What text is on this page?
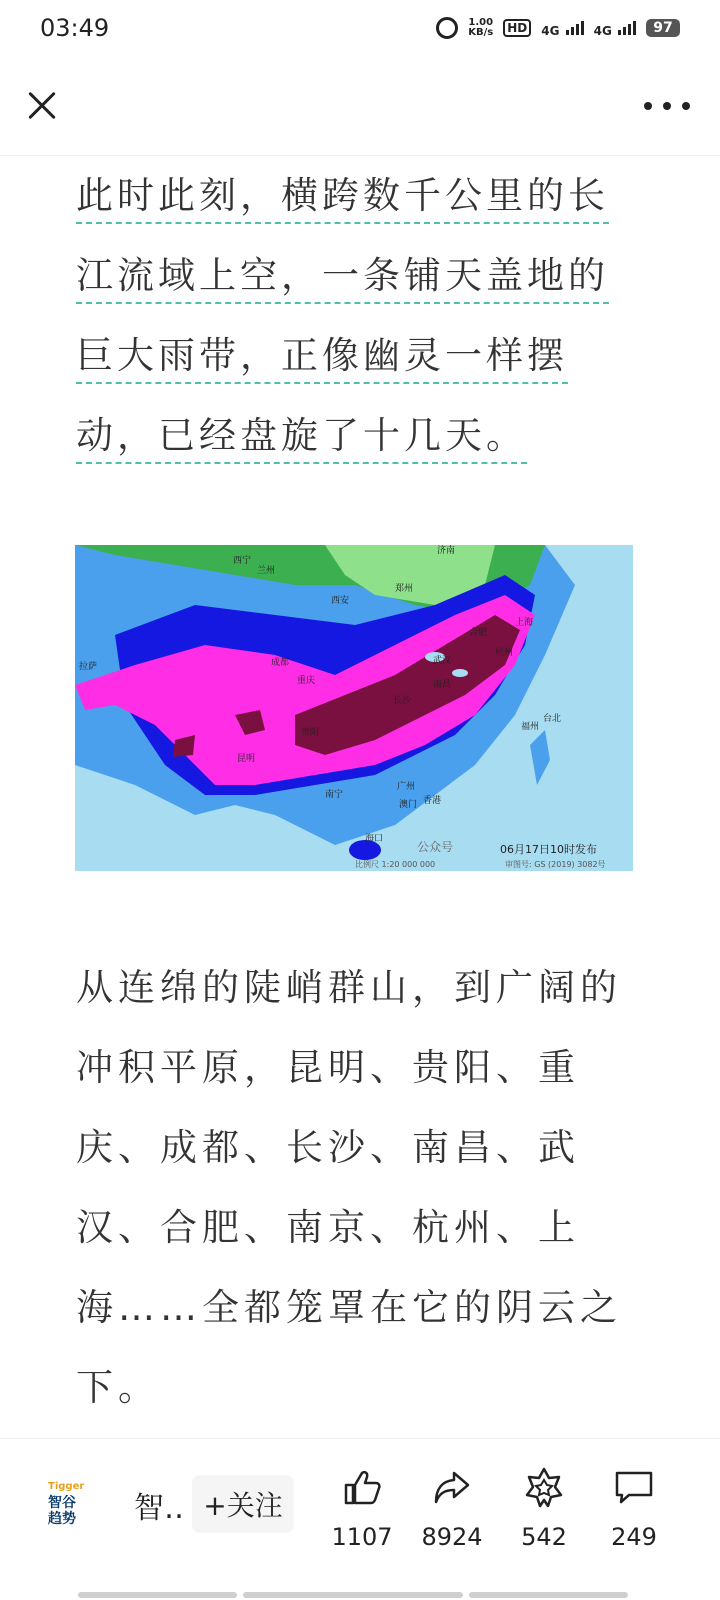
03:49	1.00
KB/s	HD	4G	4G	97

此时此刻，横跨数千公里的长江流域上空，一条铺天盖地的巨大雨带，正像幽灵一样摆动，已经盘旋了十几天。

西宁
兰州
济南
郑州
西安
拉萨	成都
重庆
合肥
上海
武汉
杭州
南昌
长沙
贵阳
昆明
福州
台北
南宁
广州
澳门 香港
海口
公众号	06月17日10时发布
比例尺 1:20 000 000	审图号: GS (2019) 3082号

从连绵的陡峭群山，到广阔的冲积平原，昆明、贵阳、重庆、成都、长沙、南昌、武汉、合肥、南京、杭州、上海……全都笼罩在它的阴云之下。

Tigger
智谷
趋势	智‥ +关注
1107	8924	542	249
